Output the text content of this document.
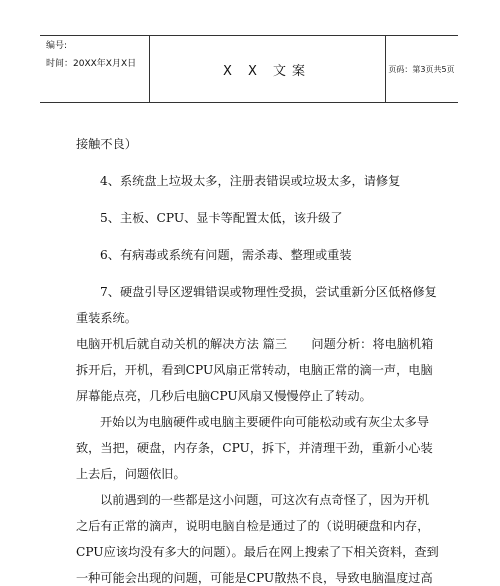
编号:
时间：20XX年X月X日	X X 文案	页码：第3页共5页
接触不良）
4、系统盘上垃圾太多，注册表错误或垃圾太多，请修复
5、主板、CPU、显卡等配置太低，该升级了
6、有病毒或系统有问题，需杀毒、整理或重装
7、硬盘引导区逻辑错误或物理性受损，尝试重新分区低格修复
重装系统。
电脑开机后就自动关机的解决方法 篇三　　问题分析：将电脑机箱
拆开后，开机，看到CPU风扇正常转动，电脑正常的滴一声，电脑
屏幕能点亮，几秒后电脑CPU风扇又慢慢停止了转动。
开始以为电脑硬件或电脑主要硬件向可能松动或有灰尘太多导
致，当把，硬盘，内存条，CPU，拆下，并清理干劲，重新小心装
上去后，问题依旧。
以前遇到的一些都是这小问题，可这次有点奇怪了，因为开机
之后有正常的滴声，说明电脑自检是通过了的（说明硬盘和内存，
CPU应该均没有多大的问题）。最后在网上搜索了下相关资料，查到
一种可能会出现的问题，可能是CPU散热不良，导致电脑温度过高
